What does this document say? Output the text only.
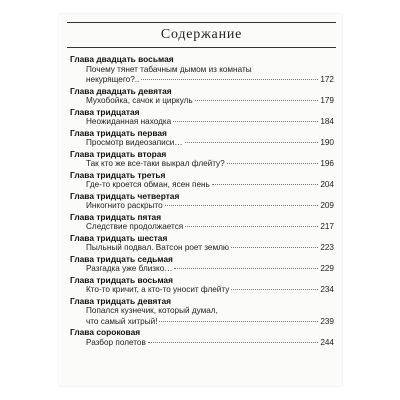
Содержание
Глава двадцать восьмая
Почему тянет табачным дымом из комнаты
некурящего?..	172
Глава двадцать девятая
Мухобойка, сачок и циркуль	179
Глава тридцатая
Неожиданная находка	184
Глава тридцать первая
Просмотр видеозаписи…	190
Глава тридцать вторая
Так кто же все-таки выкрал флейту?	196
Глава тридцать третья
Где-то кроется обман, ясен пень	204
Глава тридцать четвертая
Инкогнито раскрыто	209
Глава тридцать пятая
Следствие продолжается	217
Глава тридцать шестая
Пыльный подвал. Ватсон роет землю	223
Глава тридцать седьмая
Разгадка уже близко…	229
Глава тридцать восьмая
Кто-то кричит, а кто-то уносит флейту	234
Глава тридцать девятая
Попался кузнечик, который думал,
что самый хитрый!	239
Глава сороковая
Разбор полетов	244
